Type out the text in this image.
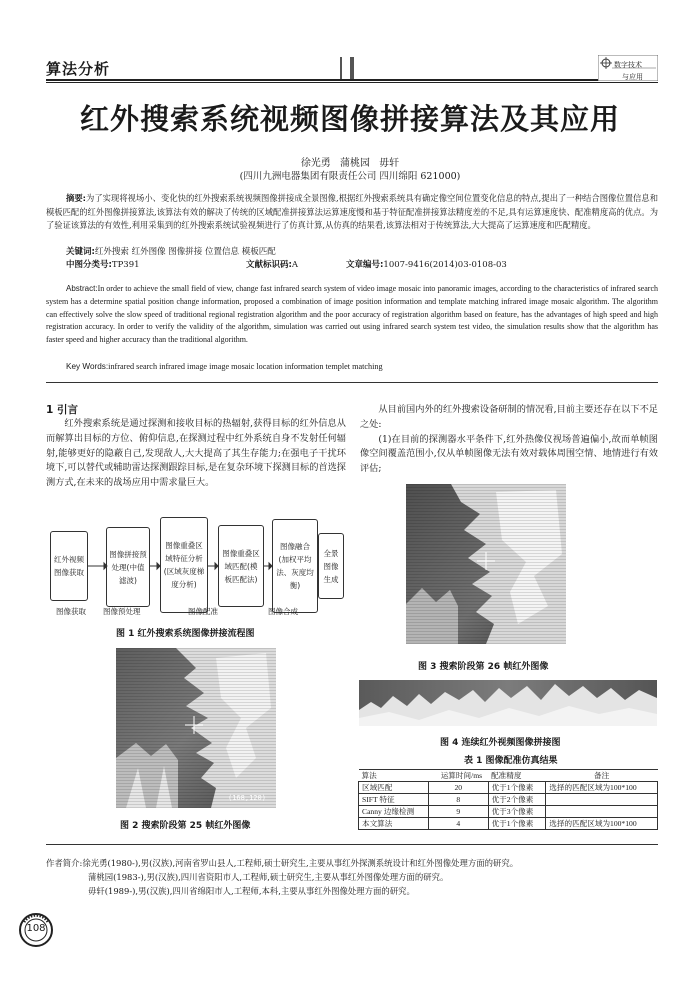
算法分析	数字技术
与应用
红外搜索系统视频图像拼接算法及其应用
徐光勇 蒲桃园 毋轩
(四川九洲电器集团有限责任公司 四川绵阳 621000)
摘要:为了实现将视场小、变化快的红外搜索系统视频图像拼接成全景图像,根据红外搜索系统具有确定像空间位置变化信息的特点,提出了一种结合图像位置信息和模板匹配的红外图像拼接算法,该算法有效的解决了传统的区域配准拼接算法运算速度慢和基于特征配准拼接算法精度差的不足,具有运算速度快、配准精度高的优点。为了验证该算法的有效性,利用采集到的红外搜索系统试验视频进行了仿真计算,从仿真的结果看,该算法相对于传统算法,大大提高了运算速度和匹配精度。
关键词:红外搜索 红外图像 图像拼接 位置信息 模板匹配
中图分类号:TP391	文献标识码:A	文章编号:1007-9416(2014)03-0108-03
Abstract:In order to achieve the small field of view, change fast infrared search system of video image mosaic into panoramic images, according to the characteristics of infrared search system has a determine spatial position change information, proposed a combination of image position information and template matching infrared image mosaic algorithm. The algorithm can effectively solve the slow speed of traditional regional registration algorithm and the poor accuracy of registration algorithm based on feature, has the advantages of high speed and high registration accuracy. In order to verify the validity of the algorithm, simulation was carried out using infrared search system test video, the simulation results show that the algorithm has faster speed and higher accuracy than the traditional algorithm.
Key Words:infrared search infrared image image mosaic location information templet matching
1 引言
红外搜索系统是通过探测和接收目标的热辐射,获得目标的红外信息从而解算出目标的方位、俯仰信息,在探测过程中红外系统自身不发射任何辐射,能够更好的隐蔽自己,发现敌人,大大提高了其生存能力;在强电子干扰环境下,可以替代或辅助雷达探测跟踪目标,是在复杂环境下探测目标的首选探测方式,在未来的战场应用中需求量巨大。
红外视频图像获取
图像拼接预处理(中值滤波)
图像重叠区域特征分析(区域灰度梯度分析)
图像重叠区域匹配(模板匹配法)
图像融合(加权平均法、灰度均衡)
全景图像生成
图像获取 图像预处理	图像配准	图像合成
图 1 红外搜索系统图像拼接流程图
(168,120)
图 2 搜索阶段第 25 帧红外图像
从目前国内外的红外搜索设备研制的情况看,目前主要还存在以下不足之处:
(1)在目前的探测器水平条件下,红外热像仪视场普遍偏小,故而单帧图像空间覆盖范围小,仅从单帧图像无法有效对载体周围空情、地情进行有效评估;
图 3 搜索阶段第 26 帧红外图像
图 4 连续红外视频图像拼接图
表 1 图像配准仿真结果
算法	运算时间/ms	配准精度	备注
区域匹配	20	优于1个像素	选择的匹配区域为100*100
SIFT 特征	8	优于2个像素	
Canny 边缘检测	9	优于3个像素	
本文算法	4	优于1个像素	选择的匹配区域为100*100
作者简介:徐光勇(1980-),男(汉族),河南省罗山县人,工程师,硕士研究生,主要从事红外探测系统设计和红外图像处理方面的研究。
蒲桃园(1983-),男(汉族),四川省资阳市人,工程师,硕士研究生,主要从事红外图像处理方面的研究。
毋轩(1989-),男(汉族),四川省绵阳市人,工程师,本科,主要从事红外图像处理方面的研究。
108
